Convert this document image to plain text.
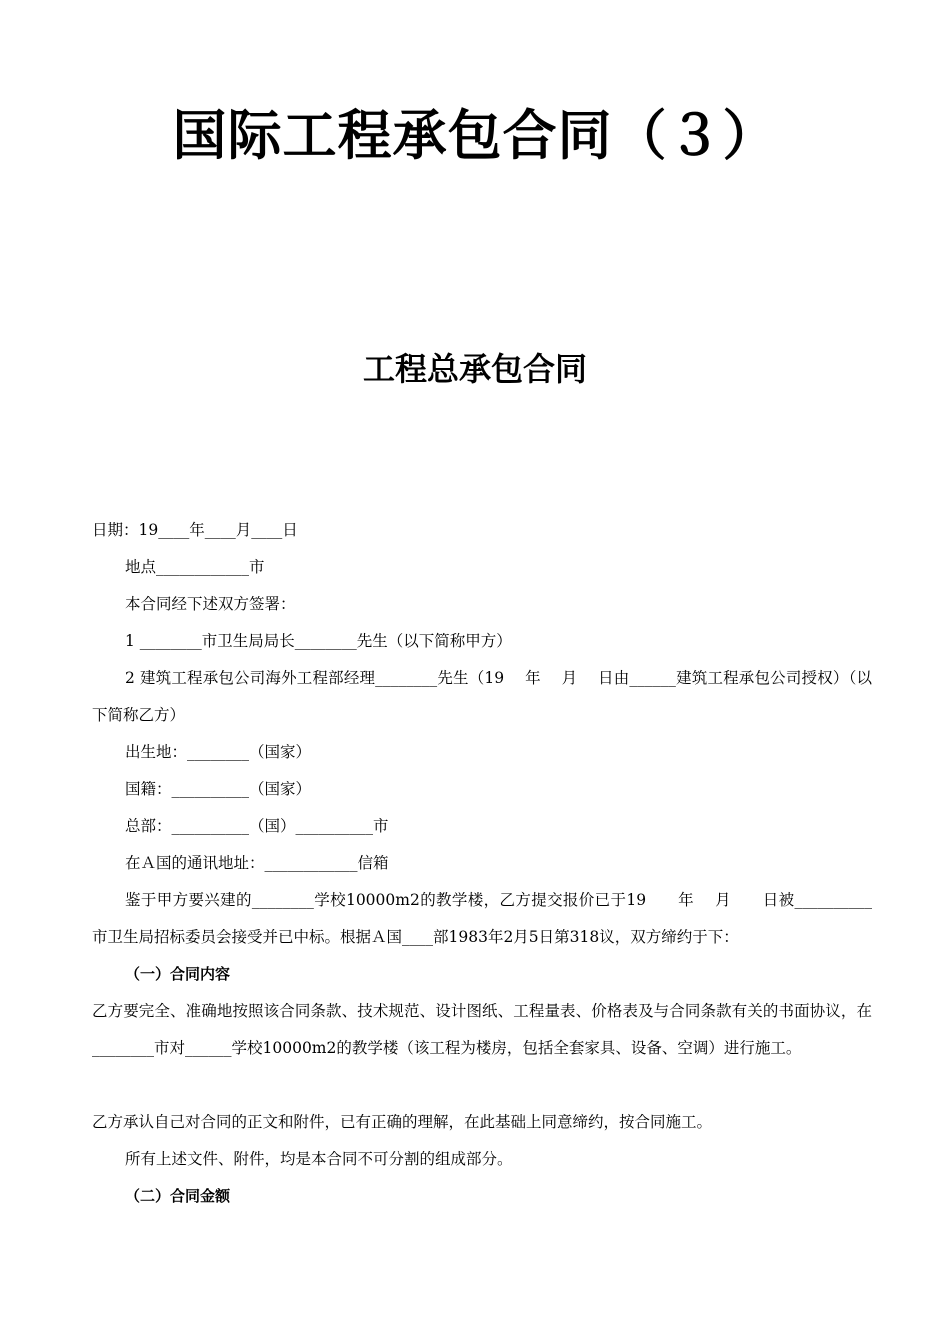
国际工程承包合同（３）
工程总承包合同

日期：19____年____月____日

地点____________市

本合同经下述双方签署：

1 ________市卫生局局长________先生（以下简称甲方）

2 建筑工程承包公司海外工程部经理________先生（19　 年　 月　 日由______建筑工程承包公司授权）（以下简称乙方）

出生地：________（国家）

国籍：__________（国家）

总部：__________（国）__________市

在Ａ国的通讯地址：____________信箱

鉴于甲方要兴建的________学校10000m2的教学楼，乙方提交报价已于19　　年　 月　　日被__________市卫生局招标委员会接受并已中标。根据Ａ国____部1983年2月5日第318议，双方缔约于下：

（一）合同内容

乙方要完全、准确地按照该合同条款、技术规范、设计图纸、工程量表、价格表及与合同条款有关的书面协议，在________市对______学校10000m2的教学楼（该工程为楼房，包括全套家具、设备、空调）进行施工。

乙方承认自己对合同的正文和附件，已有正确的理解，在此基础上同意缔约，按合同施工。

所有上述文件、附件，均是本合同不可分割的组成部分。

（二）合同金额
